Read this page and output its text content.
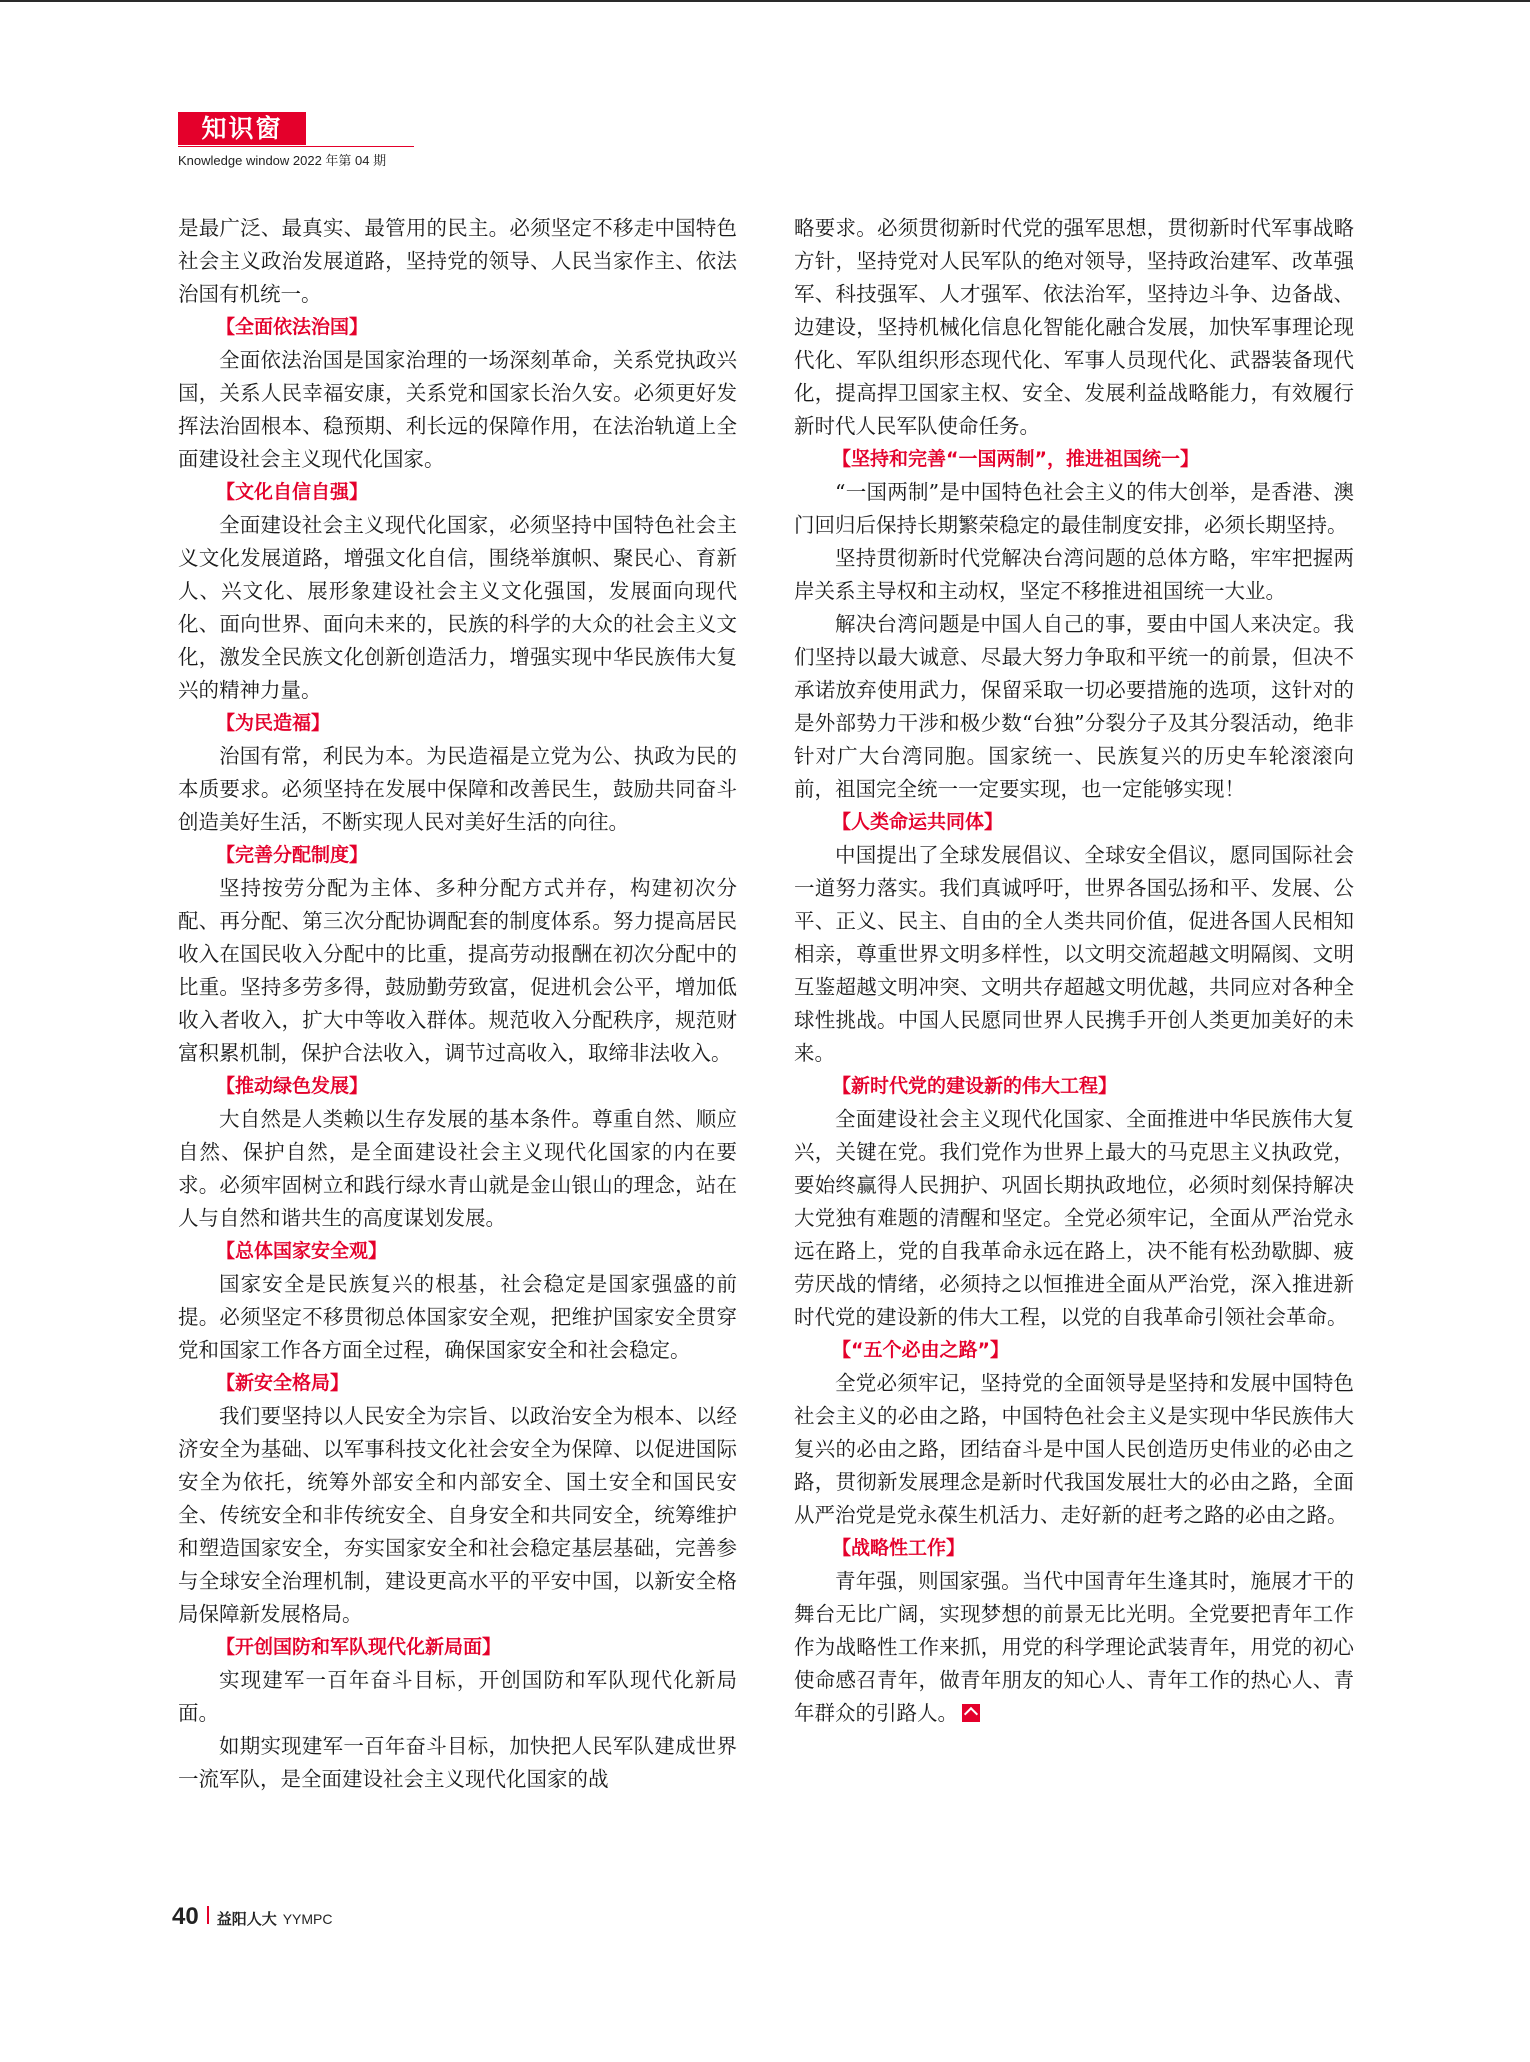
知识窗
Knowledge window 2022 年第 04 期

是最广泛、最真实、最管用的民主。必须坚定不移走中国特色社会主义政治发展道路，坚持党的领导、人民当家作主、依法治国有机统一。

【全面依法治国】

全面依法治国是国家治理的一场深刻革命，关系党执政兴国，关系人民幸福安康，关系党和国家长治久安。必须更好发挥法治固根本、稳预期、利长远的保障作用，在法治轨道上全面建设社会主义现代化国家。

【文化自信自强】

全面建设社会主义现代化国家，必须坚持中国特色社会主义文化发展道路，增强文化自信，围绕举旗帜、聚民心、育新人、兴文化、展形象建设社会主义文化强国，发展面向现代化、面向世界、面向未来的，民族的科学的大众的社会主义文化，激发全民族文化创新创造活力，增强实现中华民族伟大复兴的精神力量。

【为民造福】

治国有常，利民为本。为民造福是立党为公、执政为民的本质要求。必须坚持在发展中保障和改善民生，鼓励共同奋斗创造美好生活，不断实现人民对美好生活的向往。

【完善分配制度】

坚持按劳分配为主体、多种分配方式并存，构建初次分配、再分配、第三次分配协调配套的制度体系。努力提高居民收入在国民收入分配中的比重，提高劳动报酬在初次分配中的比重。坚持多劳多得，鼓励勤劳致富，促进机会公平，增加低收入者收入，扩大中等收入群体。规范收入分配秩序，规范财富积累机制，保护合法收入，调节过高收入，取缔非法收入。

【推动绿色发展】

大自然是人类赖以生存发展的基本条件。尊重自然、顺应自然、保护自然，是全面建设社会主义现代化国家的内在要求。必须牢固树立和践行绿水青山就是金山银山的理念，站在人与自然和谐共生的高度谋划发展。

【总体国家安全观】

国家安全是民族复兴的根基，社会稳定是国家强盛的前提。必须坚定不移贯彻总体国家安全观，把维护国家安全贯穿党和国家工作各方面全过程，确保国家安全和社会稳定。

【新安全格局】

我们要坚持以人民安全为宗旨、以政治安全为根本、以经济安全为基础、以军事科技文化社会安全为保障、以促进国际安全为依托，统筹外部安全和内部安全、国土安全和国民安全、传统安全和非传统安全、自身安全和共同安全，统筹维护和塑造国家安全，夯实国家安全和社会稳定基层基础，完善参与全球安全治理机制，建设更高水平的平安中国，以新安全格局保障新发展格局。

【开创国防和军队现代化新局面】

实现建军一百年奋斗目标，开创国防和军队现代化新局面。

如期实现建军一百年奋斗目标，加快把人民军队建成世界一流军队，是全面建设社会主义现代化国家的战

略要求。必须贯彻新时代党的强军思想，贯彻新时代军事战略方针，坚持党对人民军队的绝对领导，坚持政治建军、改革强军、科技强军、人才强军、依法治军，坚持边斗争、边备战、边建设，坚持机械化信息化智能化融合发展，加快军事理论现代化、军队组织形态现代化、军事人员现代化、武器装备现代化，提高捍卫国家主权、安全、发展利益战略能力，有效履行新时代人民军队使命任务。

【坚持和完善“一国两制”，推进祖国统一】

“一国两制”是中国特色社会主义的伟大创举，是香港、澳门回归后保持长期繁荣稳定的最佳制度安排，必须长期坚持。

坚持贯彻新时代党解决台湾问题的总体方略，牢牢把握两岸关系主导权和主动权，坚定不移推进祖国统一大业。

解决台湾问题是中国人自己的事，要由中国人来决定。我们坚持以最大诚意、尽最大努力争取和平统一的前景，但决不承诺放弃使用武力，保留采取一切必要措施的选项，这针对的是外部势力干涉和极少数“台独”分裂分子及其分裂活动，绝非针对广大台湾同胞。国家统一、民族复兴的历史车轮滚滚向前，祖国完全统一一定要实现，也一定能够实现！

【人类命运共同体】

中国提出了全球发展倡议、全球安全倡议，愿同国际社会一道努力落实。我们真诚呼吁，世界各国弘扬和平、发展、公平、正义、民主、自由的全人类共同价值，促进各国人民相知相亲，尊重世界文明多样性，以文明交流超越文明隔阂、文明互鉴超越文明冲突、文明共存超越文明优越，共同应对各种全球性挑战。中国人民愿同世界人民携手开创人类更加美好的未来。

【新时代党的建设新的伟大工程】

全面建设社会主义现代化国家、全面推进中华民族伟大复兴，关键在党。我们党作为世界上最大的马克思主义执政党，要始终赢得人民拥护、巩固长期执政地位，必须时刻保持解决大党独有难题的清醒和坚定。全党必须牢记，全面从严治党永远在路上，党的自我革命永远在路上，决不能有松劲歇脚、疲劳厌战的情绪，必须持之以恒推进全面从严治党，深入推进新时代党的建设新的伟大工程，以党的自我革命引领社会革命。

【“五个必由之路”】

全党必须牢记，坚持党的全面领导是坚持和发展中国特色社会主义的必由之路，中国特色社会主义是实现中华民族伟大复兴的必由之路，团结奋斗是中国人民创造历史伟业的必由之路，贯彻新发展理念是新时代我国发展壮大的必由之路，全面从严治党是党永葆生机活力、走好新的赶考之路的必由之路。

【战略性工作】

青年强，则国家强。当代中国青年生逢其时，施展才干的舞台无比广阔，实现梦想的前景无比光明。全党要把青年工作作为战略性工作来抓，用党的科学理论武装青年，用党的初心使命感召青年，做青年朋友的知心人、青年工作的热心人、青年群众的引路人。

40 益阳人大 YYMPC
